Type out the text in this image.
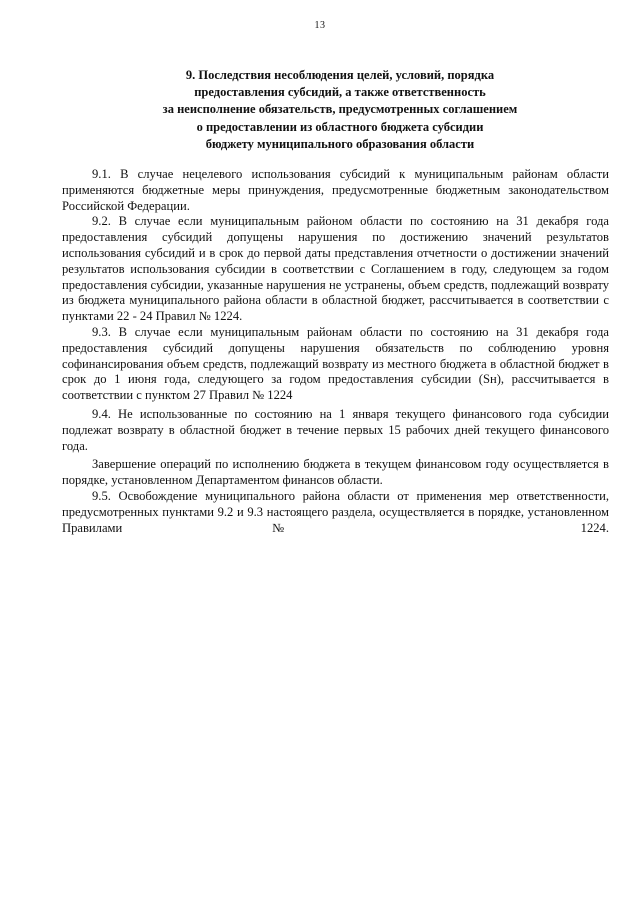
13
9. Последствия несоблюдения целей, условий, порядка
предоставления субсидий, а также ответственность
за неисполнение обязательств, предусмотренных соглашением
о предоставлении из областного бюджета субсидии
бюджету муниципального образования области

9.1. В случае нецелевого использования субсидий к муниципальным районам области применяются бюджетные меры принуждения, предусмотренные бюджетным законодательством Российской Федерации.

9.2. В случае если муниципальным районом области по состоянию на 31 декабря года предоставления субсидий допущены нарушения по достижению значений результатов использования субсидий и в срок до первой даты представления отчетности о достижении значений результатов использования субсидии в соответствии с Соглашением в году, следующем за годом предоставления субсидии, указанные нарушения не устранены, объем средств, подлежащий возврату из бюджета муниципального района области в областной бюджет, рассчитывается в соответствии с пунктами 22 - 24 Правил № 1224.

9.3. В случае если муниципальным районам области по состоянию на 31 декабря года предоставления субсидий допущены нарушения обязательств по соблюдению уровня софинансирования объем средств, подлежащий возврату из местного бюджета в областной бюджет в срок до 1 июня года, следующего за годом предоставления субсидии (Sн), рассчитывается в соответствии с пунктом 27 Правил № 1224

9.4. Не использованные по состоянию на 1 января текущего финансового года субсидии подлежат возврату в областной бюджет в течение первых 15 рабочих дней текущего финансового года.

Завершение операций по исполнению бюджета в текущем финансовом году осуществляется в порядке, установленном Департаментом финансов области.

9.5. Освобождение муниципального района области от применения мер ответственности, предусмотренных пунктами 9.2 и 9.3 настоящего раздела, осуществляется в порядке, установленном Правилами № 1224.
